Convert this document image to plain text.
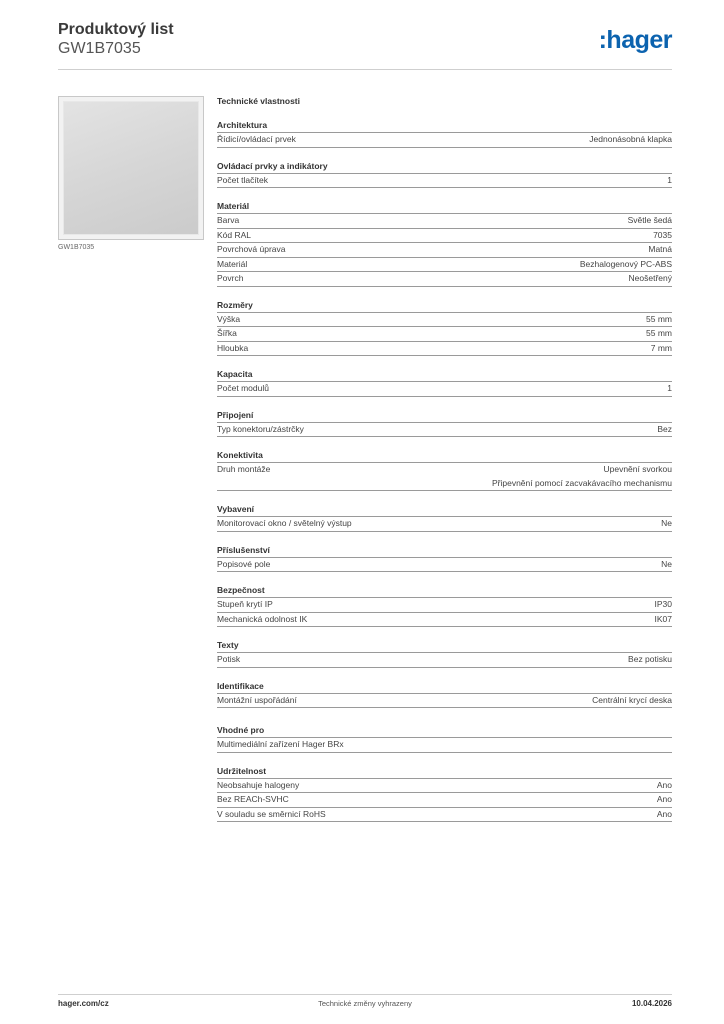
Produktový list
GW1B7035	:hager
GW1B7035
Technické vlastnosti
Architektura
Řídicí/ovládací prvek	Jednonásobná klapka
Ovládací prvky a indikátory
Počet tlačítek	1
Materiál
Barva	Světle šedá
Kód RAL	7035
Povrchová úprava	Matná
Materiál	Bezhalogenový PC-ABS
Povrch	Neošetřený
Rozměry
Výška	55 mm
Šířka	55 mm
Hloubka	7 mm
Kapacita
Počet modulů	1
Připojení
Typ konektoru/zástrčky	Bez
Konektivita
Druh montáže	Upevnění svorkou
Připevnění pomocí zacvakávacího mechanismu
Vybavení
Monitorovací okno / světelný výstup	Ne
Příslušenství
Popisové pole	Ne
Bezpečnost
Stupeň krytí IP	IP30
Mechanická odolnost IK	IK07
Texty
Potisk	Bez potisku
Identifikace
Montážní uspořádání	Centrální krycí deska
Vhodné pro
Multimediální zařízení Hager BRx
Udržitelnost
Neobsahuje halogeny	Ano
Bez REACh-SVHC	Ano
V souladu se směrnicí RoHS	Ano
hager.com/cz	Technické změny vyhrazeny	10.04.2026
